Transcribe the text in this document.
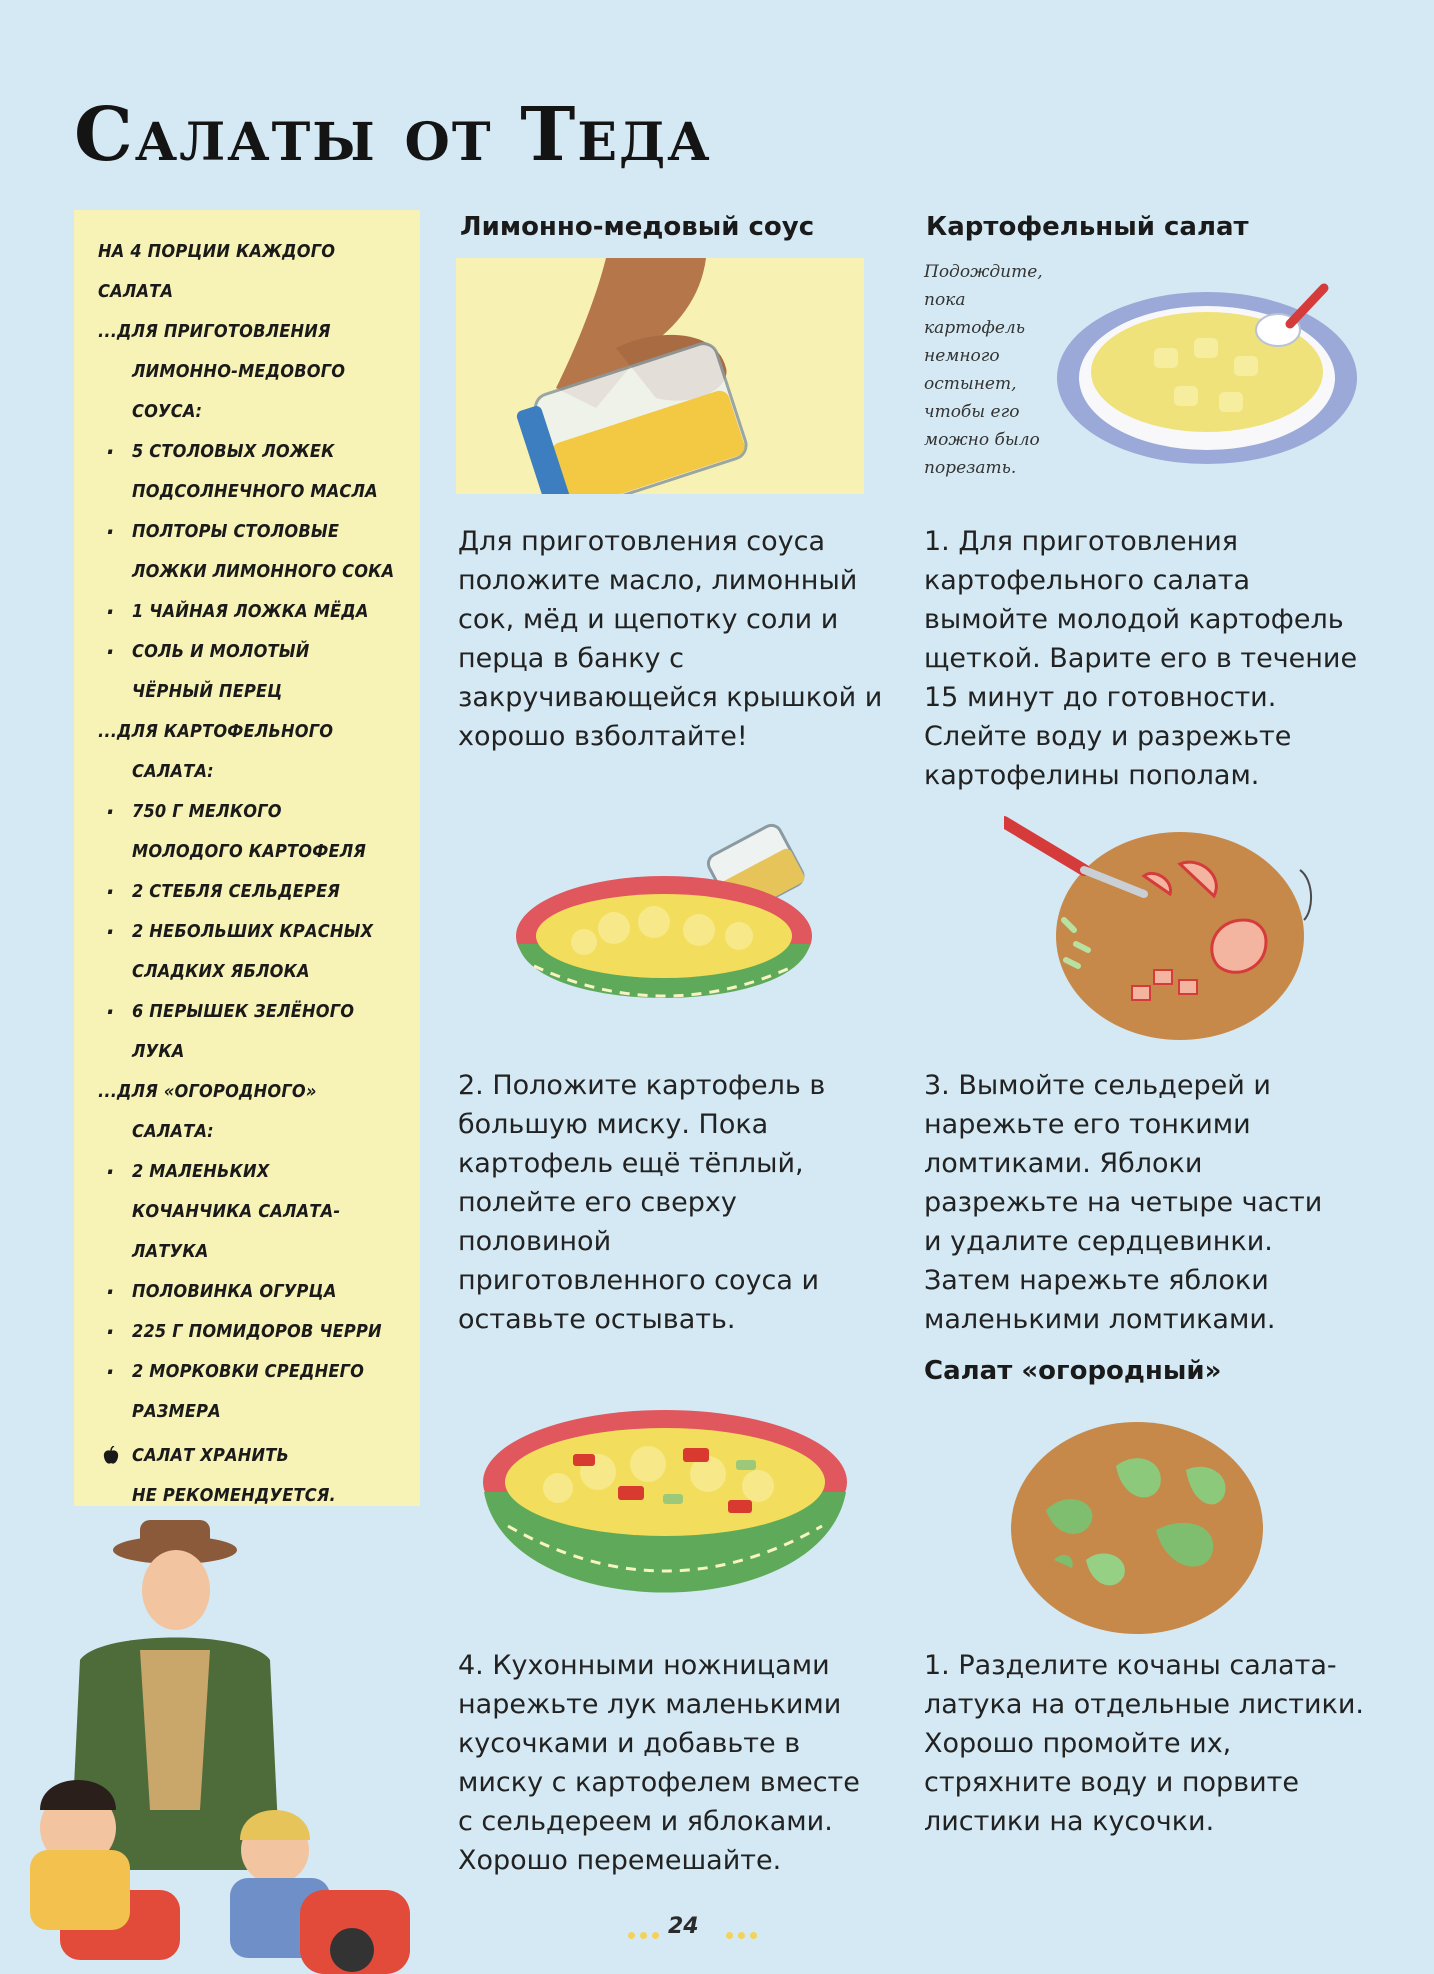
Салаты от Теда
НА 4 ПОРЦИИ КАЖДОГО
САЛАТА
...ДЛЯ ПРИГОТОВЛЕНИЯ
ЛИМОННО-МЕДОВОГО
СОУСА:
· 5 СТОЛОВЫХ ЛОЖЕК
ПОДСОЛНЕЧНОГО МАСЛА
· ПОЛТОРЫ СТОЛОВЫЕ
ЛОЖКИ ЛИМОННОГО СОКА
· 1 ЧАЙНАЯ ЛОЖКА МЁДА
· СОЛЬ И МОЛОТЫЙ
ЧЁРНЫЙ ПЕРЕЦ
...ДЛЯ КАРТОФЕЛЬНОГО
САЛАТА:
· 750 Г МЕЛКОГО
МОЛОДОГО КАРТОФЕЛЯ
· 2 СТЕБЛЯ СЕЛЬДЕРЕЯ
· 2 НЕБОЛЬШИХ КРАСНЫХ
СЛАДКИХ ЯБЛОКА
· 6 ПЕРЫШЕК ЗЕЛЁНОГО ЛУКА
...ДЛЯ «ОГОРОДНОГО»
САЛАТА:
· 2 МАЛЕНЬКИХ
КОЧАНЧИКА САЛАТА-
ЛАТУКА
· ПОЛОВИНКА ОГУРЦА
· 225 Г ПОМИДОРОВ ЧЕРРИ
· 2 МОРКОВКИ СРЕДНЕГО
РАЗМЕРА
САЛАТ ХРАНИТЬ
НЕ РЕКОМЕНДУЕТСЯ.
Лимонно-медовый соус
Для приготовления соуса положите масло, лимонный сок, мёд и щепотку соли и перца в банку с закручивающейся крышкой и хорошо взболтайте!
2. Положите картофель в большую миску. Пока картофель ещё тёплый, полейте его сверху половиной приготовленного соуса и оставьте остывать.
4. Кухонными ножницами нарежьте лук маленькими кусочками и добавьте в миску с картофелем вместе с сельдереем и яблоками. Хорошо перемешайте.
Картофельный салат
Подождите, пока картофель немного остынет, чтобы его можно было порезать.
1. Для приготовления картофельного салата вымойте молодой картофель щеткой. Варите его в течение 15 минут до готовности. Слейте воду и разрежьте картофелины пополам.
3. Вымойте сельдерей и нарежьте его тонкими ломтиками. Яблоки разрежьте на четыре части и удалите сердцевинки. Затем нарежьте яблоки маленькими ломтиками.
Салат «огородный»
1. Разделите кочаны салата-латука на отдельные листики. Хорошо промойте их, стряхните воду и порвите листики на кусочки.
24
